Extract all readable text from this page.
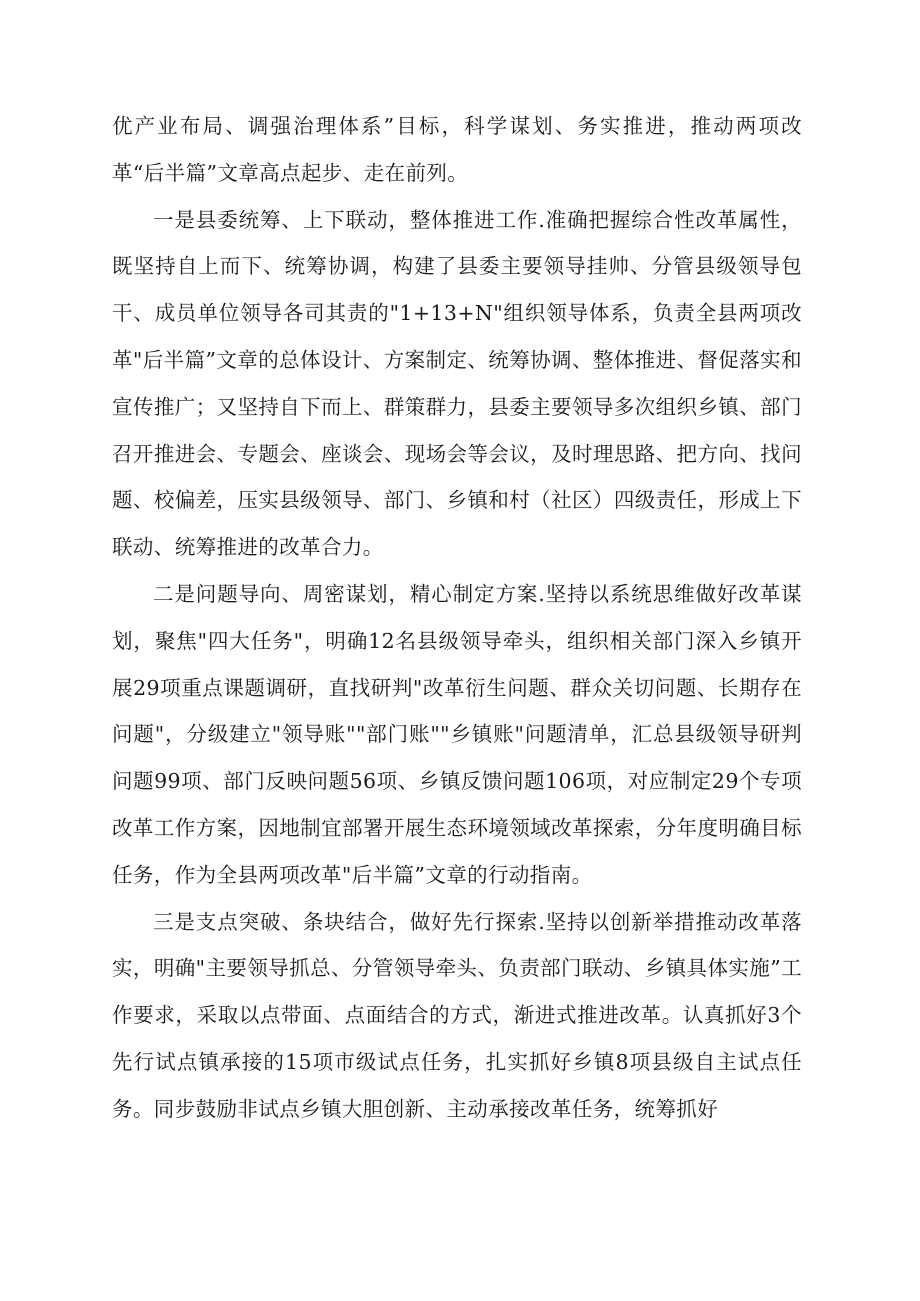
优产业布局、调强治理体系”目标，科学谋划、务实推进，推动两项改革“后半篇”文章高点起步、走在前列。

一是县委统筹、上下联动，整体推进工作.准确把握综合性改革属性，既坚持自上而下、统筹协调，构建了县委主要领导挂帅、分管县级领导包干、成员单位领导各司其责的"1+13+N"组织领导体系，负责全县两项改革"后半篇”文章的总体设计、方案制定、统筹协调、整体推进、督促落实和宣传推广；又坚持自下而上、群策群力，县委主要领导多次组织乡镇、部门召开推进会、专题会、座谈会、现场会等会议，及时理思路、把方向、找问题、校偏差，压实县级领导、部门、乡镇和村（社区）四级责任，形成上下联动、统筹推进的改革合力。

二是问题导向、周密谋划，精心制定方案.坚持以系统思维做好改革谋划，聚焦"四大任务"，明确12名县级领导牵头，组织相关部门深入乡镇开展29项重点课题调研，直找研判"改革衍生问题、群众关切问题、长期存在问题"，分级建立"领导账""部门账""乡镇账"问题清单，汇总县级领导研判问题99项、部门反映问题56项、乡镇反馈问题106项，对应制定29个专项改革工作方案，因地制宜部署开展生态环境领域改革探索，分年度明确目标任务，作为全县两项改革"后半篇”文章的行动指南。

三是支点突破、条块结合，做好先行探索.坚持以创新举措推动改革落实，明确"主要领导抓总、分管领导牵头、负责部门联动、乡镇具体实施”工作要求，采取以点带面、点面结合的方式，渐进式推进改革。认真抓好3个先行试点镇承接的15项市级试点任务，扎实抓好乡镇8项县级自主试点任务。同步鼓励非试点乡镇大胆创新、主动承接改革任务，统筹抓好
